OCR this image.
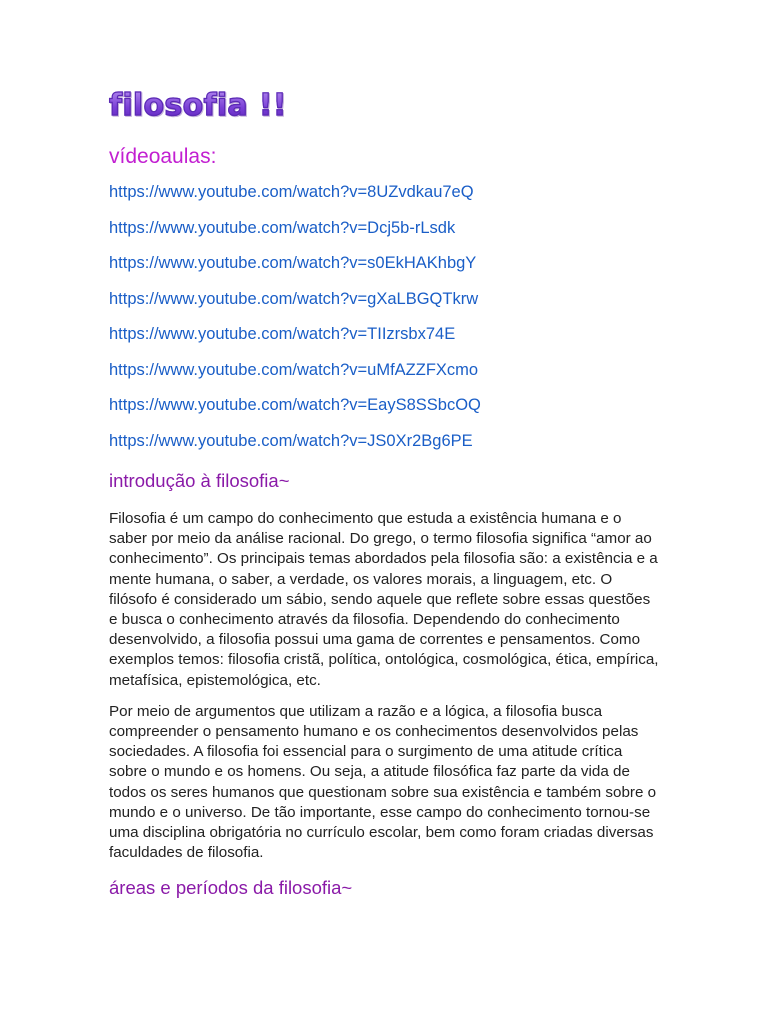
filosofia !!
vídeoaulas:
https://www.youtube.com/watch?v=8UZvdkau7eQ
https://www.youtube.com/watch?v=Dcj5b-rLsdk
https://www.youtube.com/watch?v=s0EkHAKhbgY
https://www.youtube.com/watch?v=gXaLBGQTkrw
https://www.youtube.com/watch?v=TIIzrsbx74E
https://www.youtube.com/watch?v=uMfAZZFXcmo
https://www.youtube.com/watch?v=EayS8SSbcOQ
https://www.youtube.com/watch?v=JS0Xr2Bg6PE
introdução à filosofia~

Filosofia é um campo do conhecimento que estuda a existência humana e o saber por meio da análise racional. Do grego, o termo filosofia significa “amor ao conhecimento”. Os principais temas abordados pela filosofia são: a existência e a mente humana, o saber, a verdade, os valores morais, a linguagem, etc. O filósofo é considerado um sábio, sendo aquele que reflete sobre essas questões e busca o conhecimento através da filosofia. Dependendo do conhecimento desenvolvido, a filosofia possui uma gama de correntes e pensamentos. Como exemplos temos: filosofia cristã, política, ontológica, cosmológica, ética, empírica, metafísica, epistemológica, etc.

Por meio de argumentos que utilizam a razão e a lógica, a filosofia busca compreender o pensamento humano e os conhecimentos desenvolvidos pelas sociedades. A filosofia foi essencial para o surgimento de uma atitude crítica sobre o mundo e os homens. Ou seja, a atitude filosófica faz parte da vida de todos os seres humanos que questionam sobre sua existência e também sobre o mundo e o universo. De tão importante, esse campo do conhecimento tornou-se uma disciplina obrigatória no currículo escolar, bem como foram criadas diversas faculdades de filosofia.

áreas e períodos da filosofia~
